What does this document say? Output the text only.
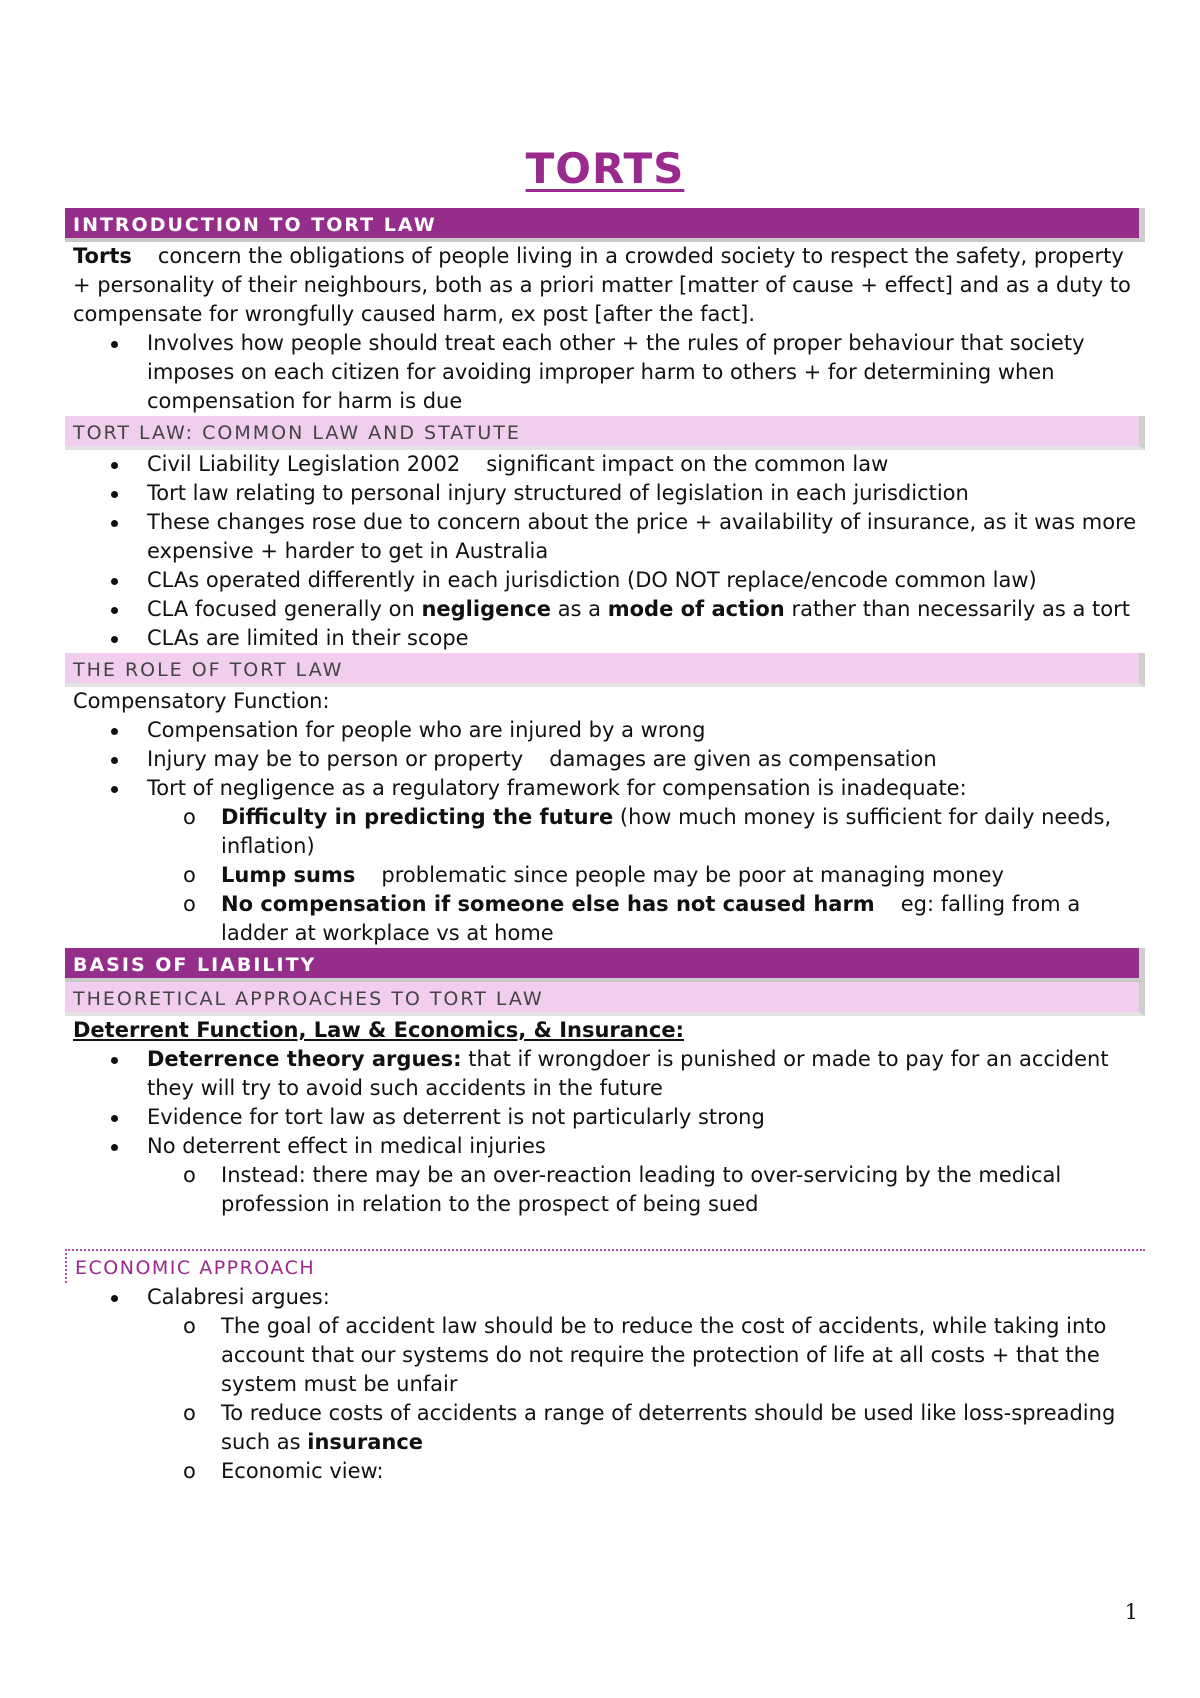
TORTS
INTRODUCTION TO TORT LAW
Torts concern the obligations of people living in a crowded society to respect the safety, property + personality of their neighbours, both as a priori matter [matter of cause + effect] and as a duty to compensate for wrongfully caused harm, ex post [after the fact].
Involves how people should treat each other + the rules of proper behaviour that society imposes on each citizen for avoiding improper harm to others + for determining when compensation for harm is due
TORT LAW: COMMON LAW AND STATUTE
Civil Liability Legislation 2002 significant impact on the common law
Tort law relating to personal injury structured of legislation in each jurisdiction
These changes rose due to concern about the price + availability of insurance, as it was more expensive + harder to get in Australia
CLAs operated differently in each jurisdiction (DO NOT replace/encode common law)
CLA focused generally on negligence as a mode of action rather than necessarily as a tort
CLAs are limited in their scope
THE ROLE OF TORT LAW
Compensatory Function:
Compensation for people who are injured by a wrong
Injury may be to person or property damages are given as compensation
Tort of negligence as a regulatory framework for compensation is inadequate:
o Difficulty in predicting the future (how much money is sufficient for daily needs, inflation)
o Lump sums problematic since people may be poor at managing money
o No compensation if someone else has not caused harm eg: falling from a ladder at workplace vs at home
BASIS OF LIABILITY
THEORETICAL APPROACHES TO TORT LAW
Deterrent Function, Law & Economics, & Insurance:
Deterrence theory argues: that if wrongdoer is punished or made to pay for an accident they will try to avoid such accidents in the future
Evidence for tort law as deterrent is not particularly strong
No deterrent effect in medical injuries
o Instead: there may be an over-reaction leading to over-servicing by the medical profession in relation to the prospect of being sued
ECONOMIC APPROACH
Calabresi argues:
o The goal of accident law should be to reduce the cost of accidents, while taking into account that our systems do not require the protection of life at all costs + that the system must be unfair
o To reduce costs of accidents a range of deterrents should be used like loss-spreading such as insurance
o Economic view:
1
